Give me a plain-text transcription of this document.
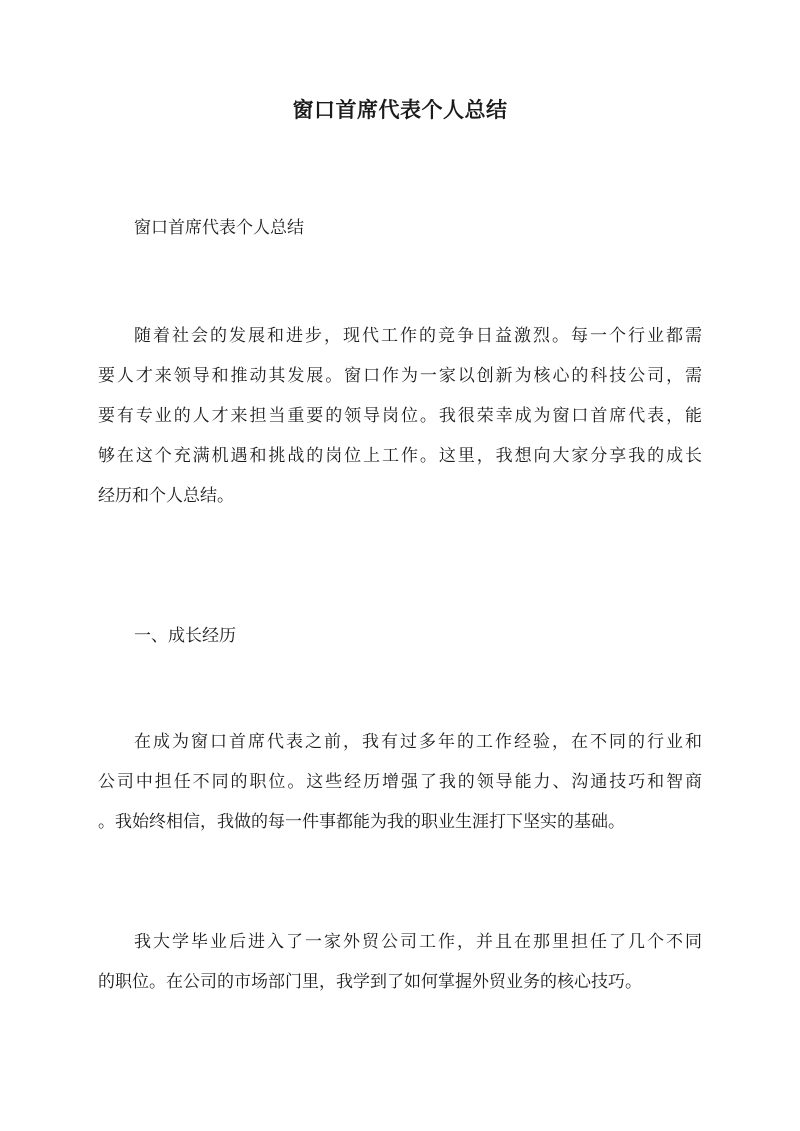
窗口首席代表个人总结
窗口首席代表个人总结
随着社会的发展和进步，现代工作的竞争日益激烈。每一个行业都需
要人才来领导和推动其发展。窗口作为一家以创新为核心的科技公司，需
要有专业的人才来担当重要的领导岗位。我很荣幸成为窗口首席代表，能
够在这个充满机遇和挑战的岗位上工作。这里，我想向大家分享我的成长
经历和个人总结。
一、成长经历
在成为窗口首席代表之前，我有过多年的工作经验，在不同的行业和
公司中担任不同的职位。这些经历增强了我的领导能力、沟通技巧和智商
。我始终相信，我做的每一件事都能为我的职业生涯打下坚实的基础。
我大学毕业后进入了一家外贸公司工作，并且在那里担任了几个不同
的职位。在公司的市场部门里，我学到了如何掌握外贸业务的核心技巧。
